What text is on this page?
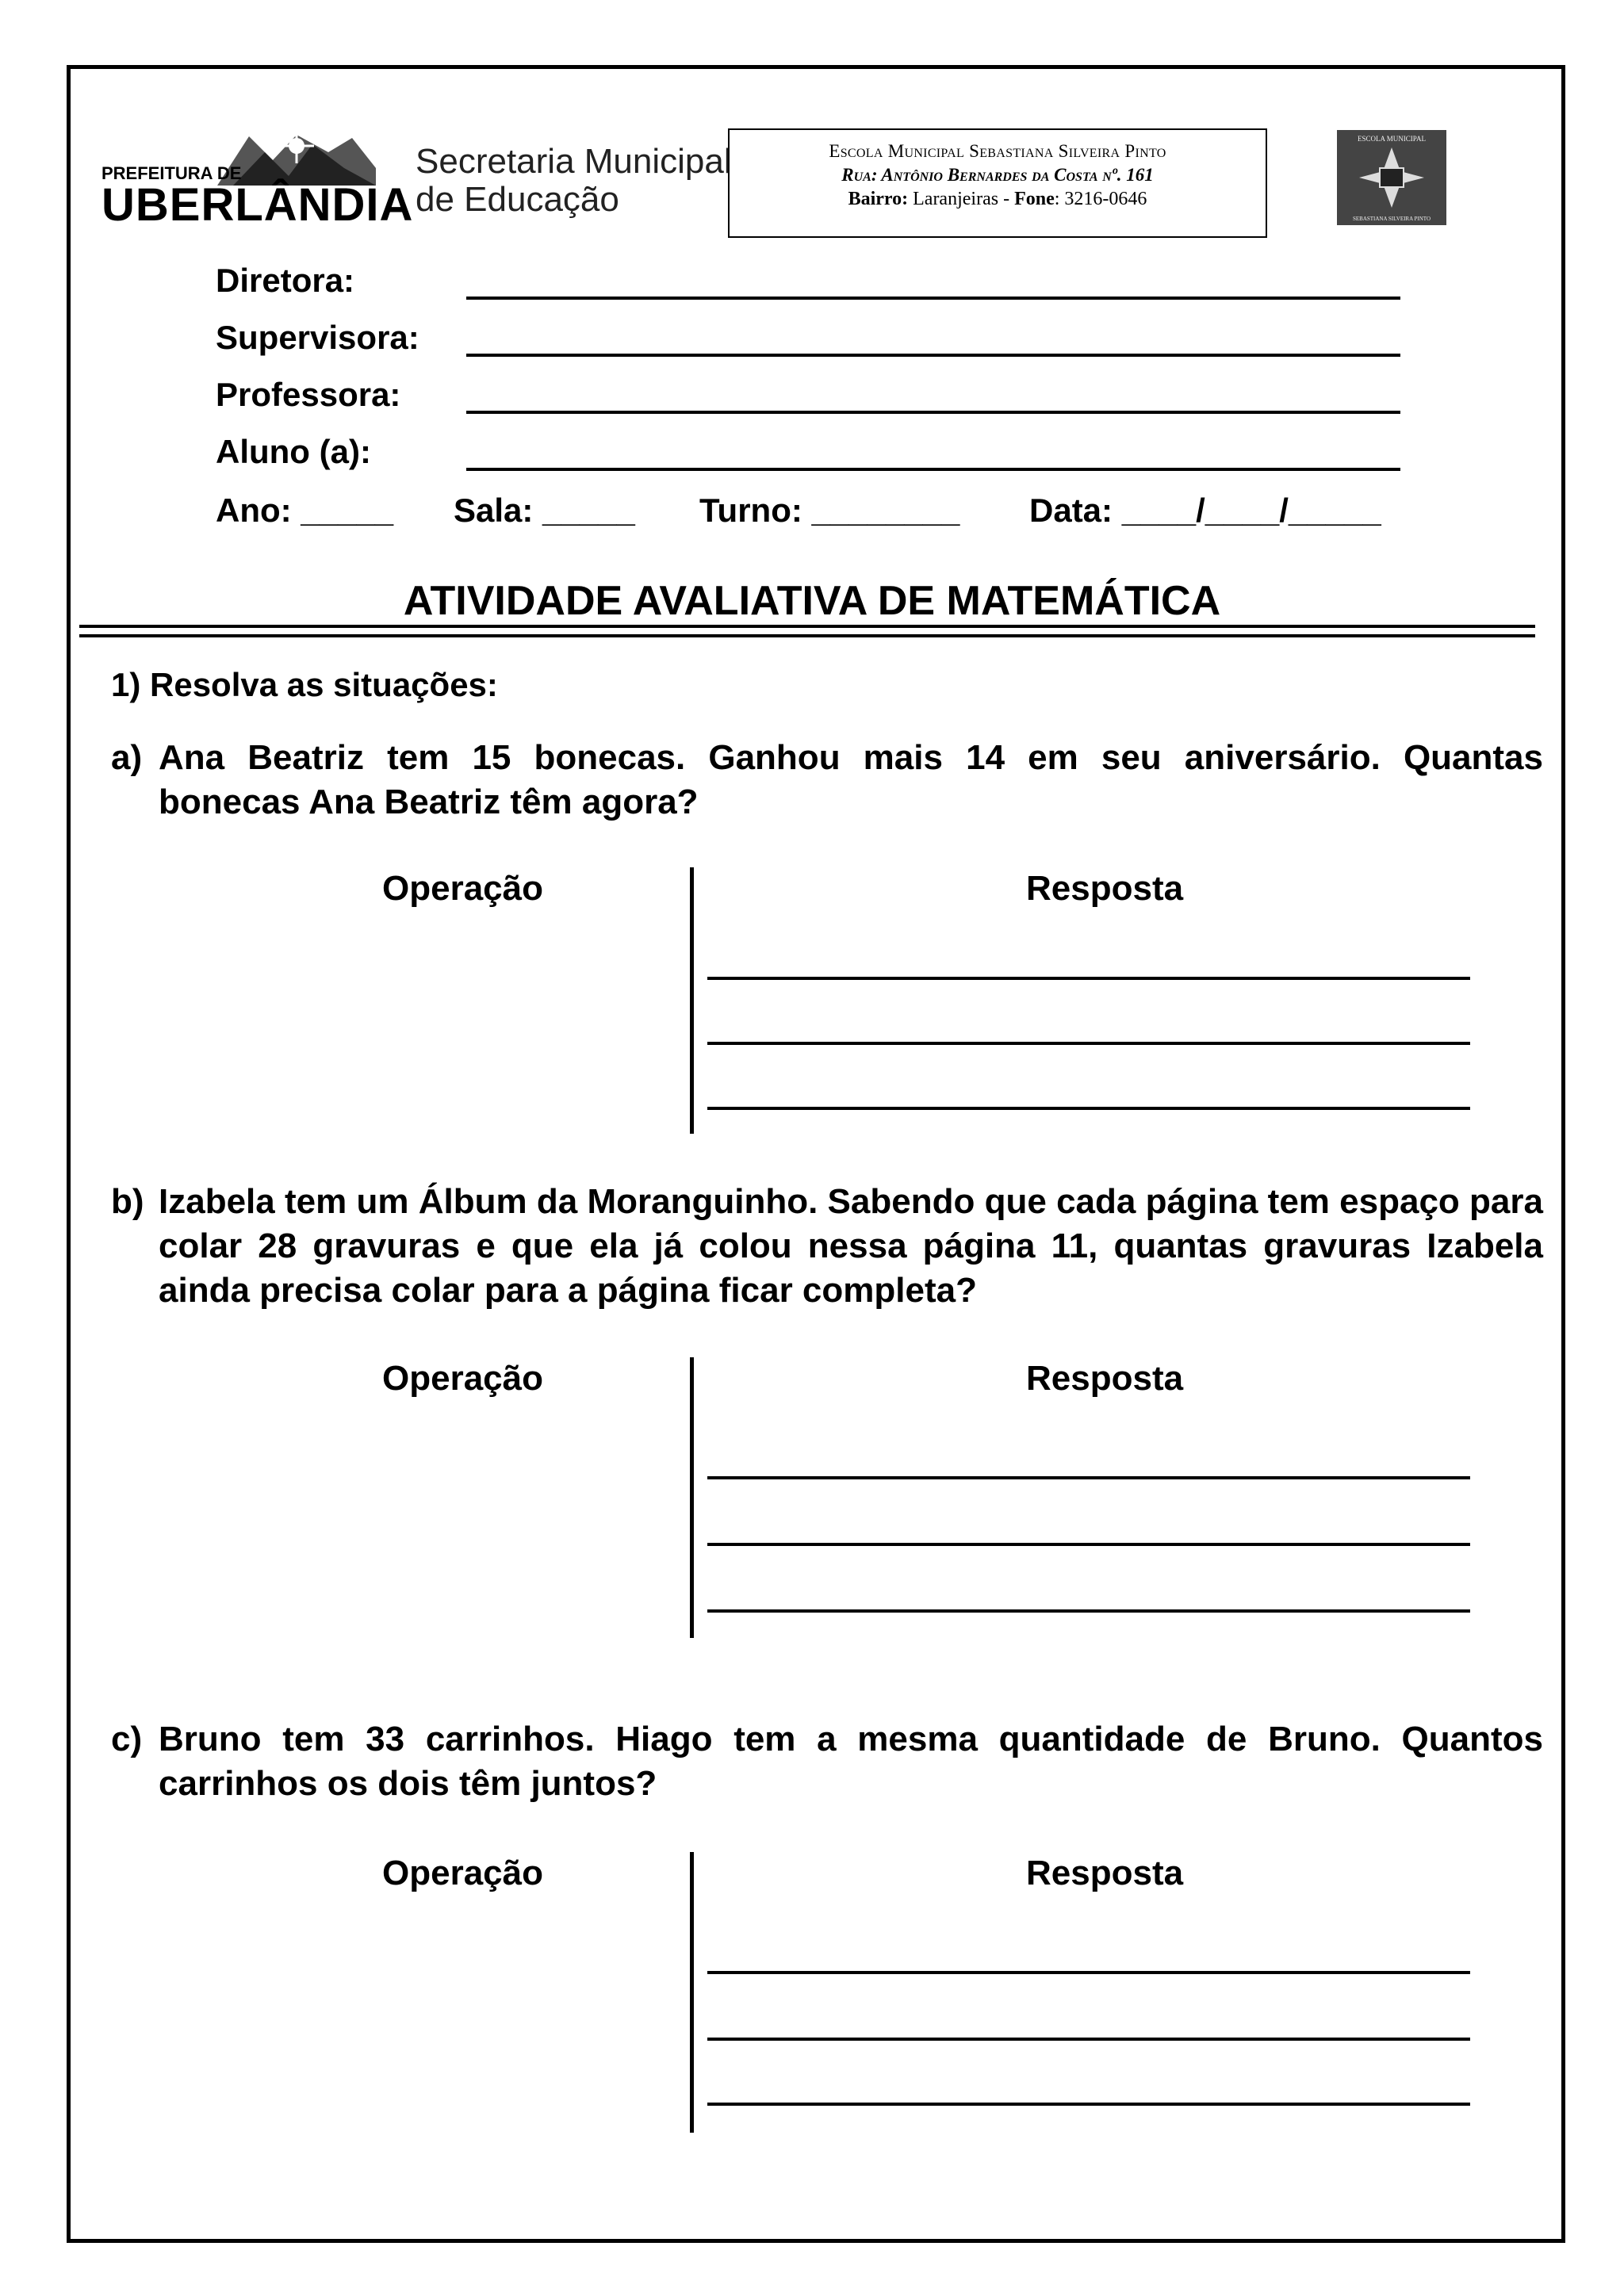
PREFEITURA DE
UBERLÂNDIA
Secretaria Municipal
de Educação
Escola Municipal Sebastiana Silveira Pinto
Rua: Antônio Bernardes da Costa nº. 161
Bairro: Laranjeiras - Fone: 3216-0646
ESCOLA MUNICIPAL
SEBASTIANA SILVEIRA PINTO
Diretora:
Supervisora:
Professora:
Aluno (a):
Ano: _____ Sala: _____ Turno: ________ Data: ____/____/_____
ATIVIDADE AVALIATIVA DE MATEMÁTICA
1) Resolva as situações:
a) Ana Beatriz tem 15 bonecas. Ganhou mais 14 em seu aniversário. Quantas bonecas Ana Beatriz têm agora?
Operação	Resposta
b) Izabela tem um Álbum da Moranguinho. Sabendo que cada página tem espaço para colar 28 gravuras e que ela já colou nessa página 11, quantas gravuras Izabela ainda precisa colar para a página ficar completa?
Operação	Resposta
c) Bruno tem 33 carrinhos. Hiago tem a mesma quantidade de Bruno. Quantos carrinhos os dois têm juntos?
Operação	Resposta
